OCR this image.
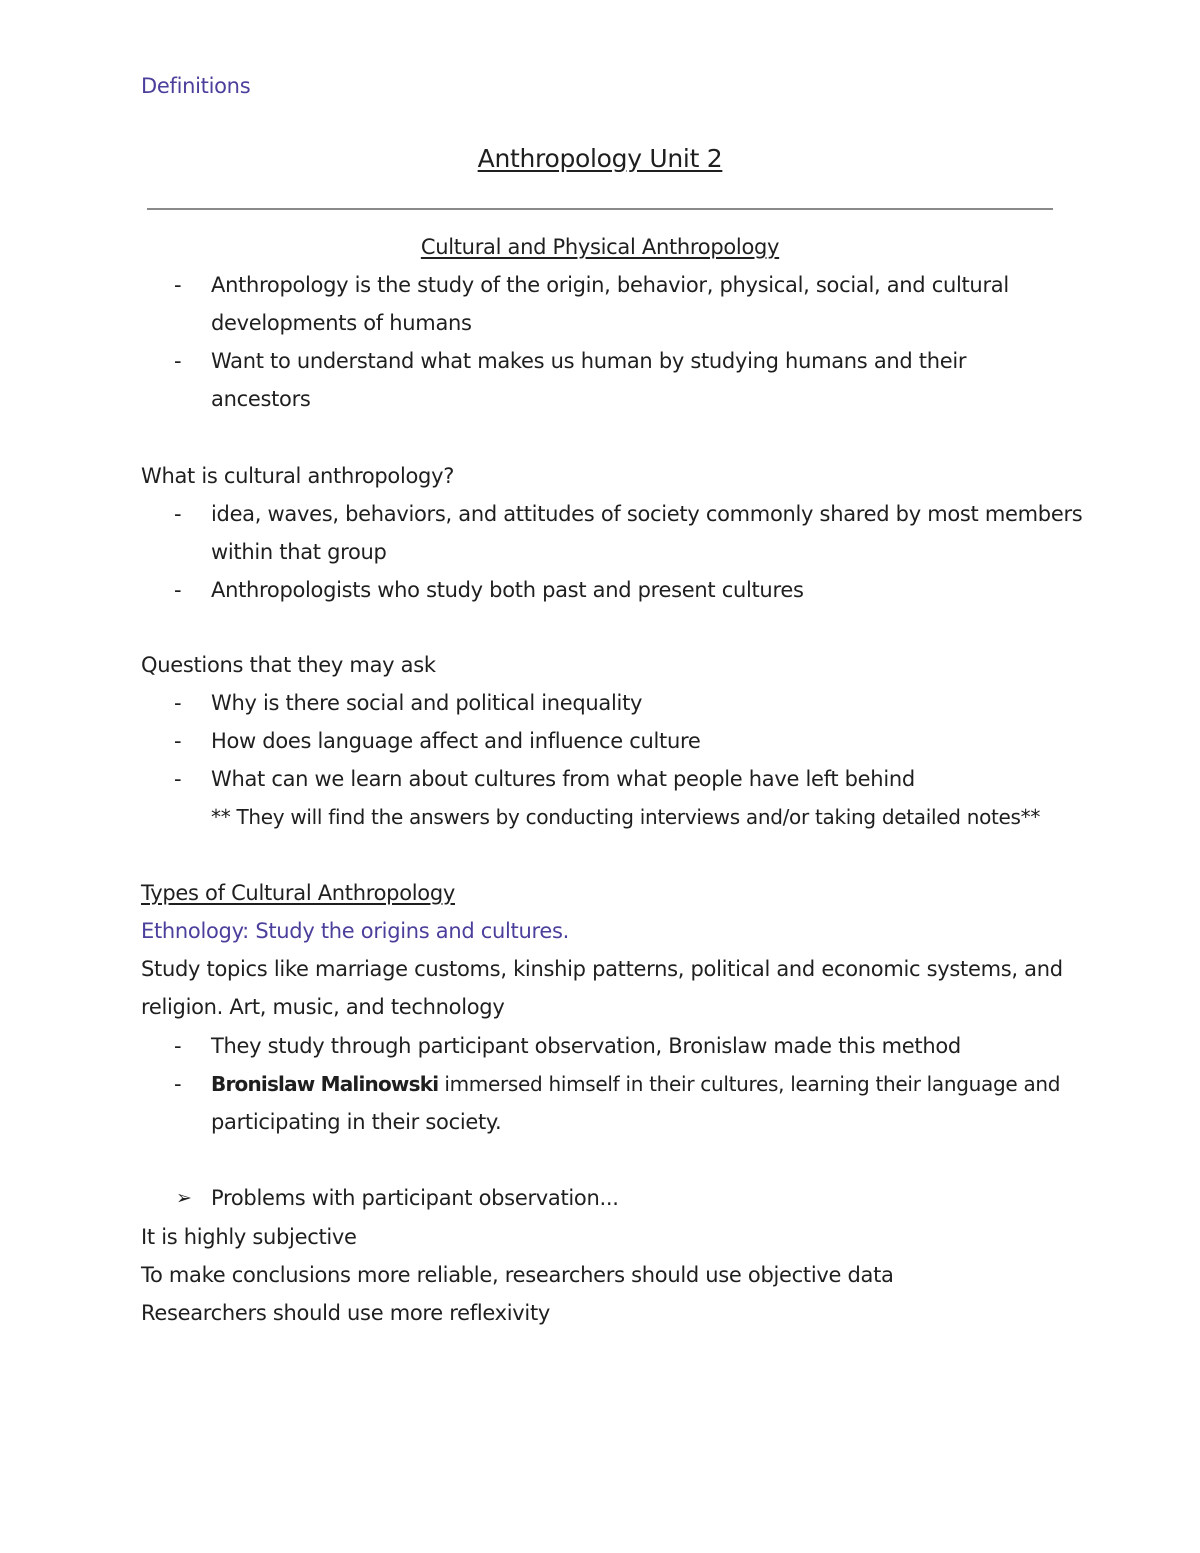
Definitions
Anthropology Unit 2
Cultural and Physical Anthropology
- Anthropology is the study of the origin, behavior, physical, social, and cultural
developments of humans
- Want to understand what makes us human by studying humans and their
ancestors
What is cultural anthropology?
- idea, waves, behaviors, and attitudes of society commonly shared by most members
within that group
- Anthropologists who study both past and present cultures
Questions that they may ask
- Why is there social and political inequality
- How does language affect and influence culture
- What can we learn about cultures from what people have left behind
** They will find the answers by conducting interviews and/or taking detailed notes**
Types of Cultural Anthropology
Ethnology: Study the origins and cultures.
Study topics like marriage customs, kinship patterns, political and economic systems, and
religion. Art, music, and technology
- They study through participant observation, Bronislaw made this method
- Bronislaw Malinowski immersed himself in their cultures, learning their language and
participating in their society.
➢ Problems with participant observation...
It is highly subjective
To make conclusions more reliable, researchers should use objective data
Researchers should use more reflexivity
